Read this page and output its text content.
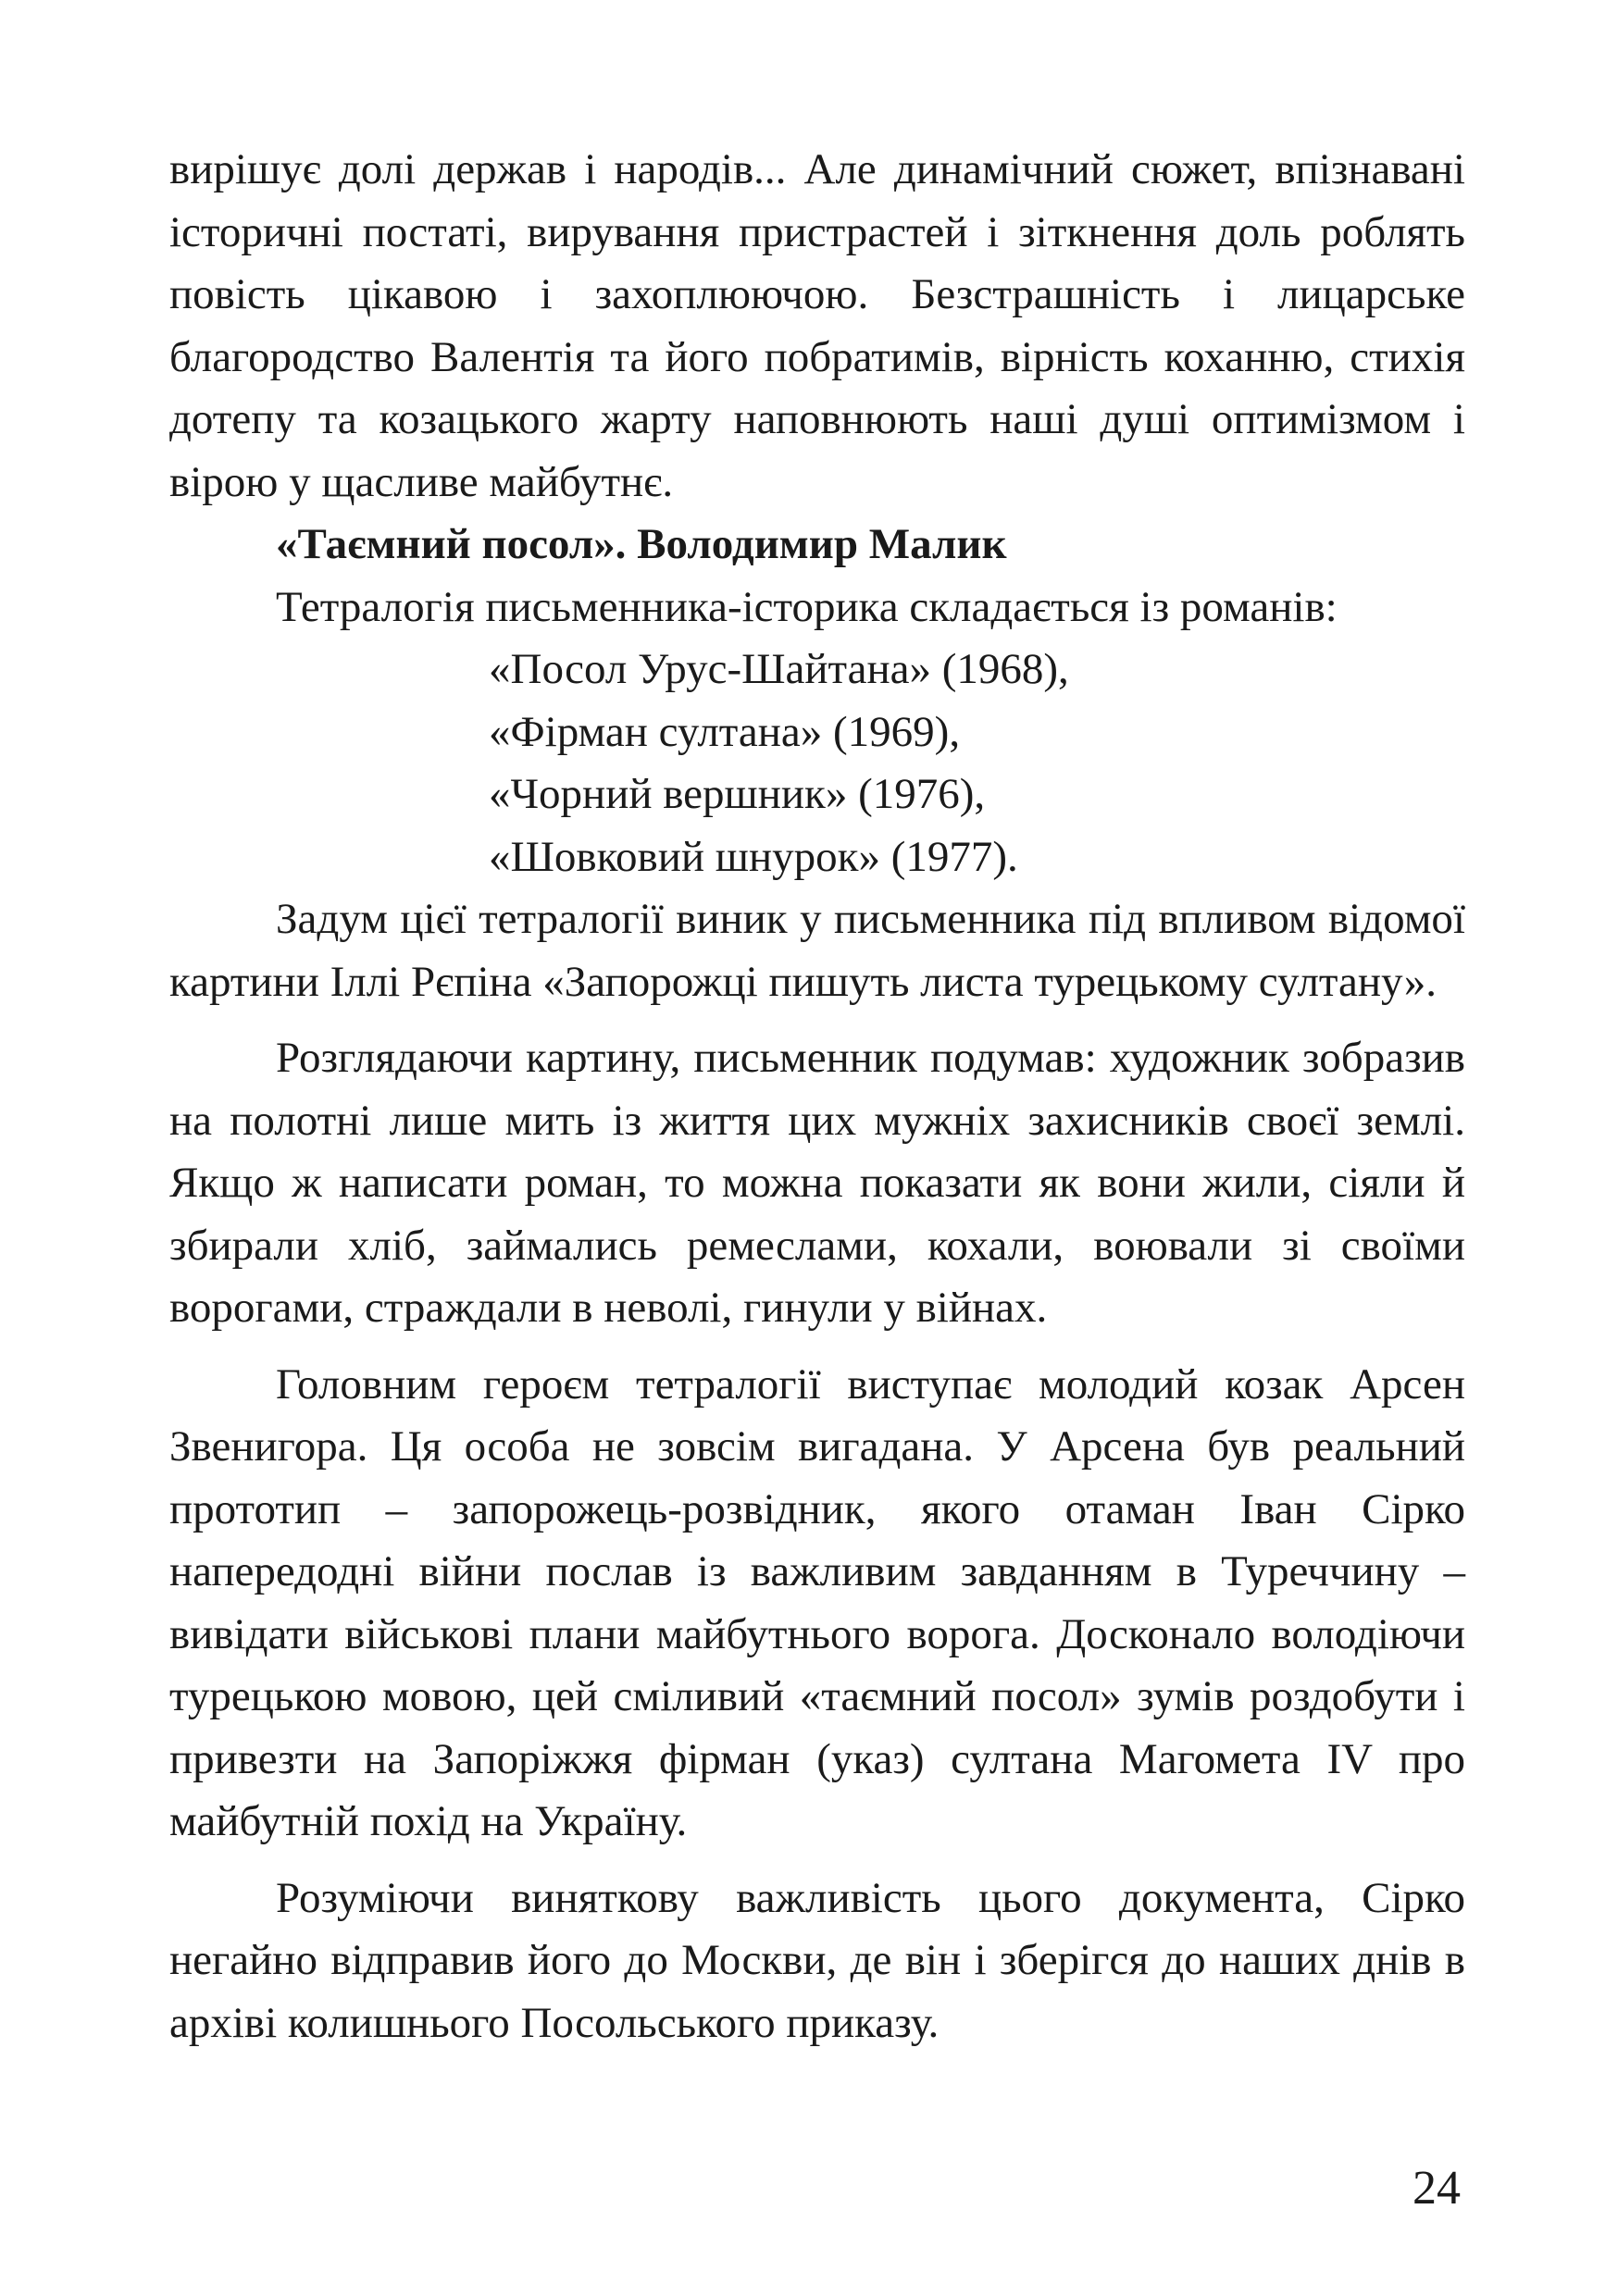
вирішує долі держав і народів... Але динамічний сюжет, впізнавані історичні постаті, вирування пристрастей і зіткнення доль роблять повість цікавою і захоплюючою. Безстрашність і лицарське благородство Валентія та його побратимів, вірність коханню, стихія дотепу та козацького жарту наповнюють наші душі оптимізмом і вірою у щасливе майбутнє.

«Таємний посол». Володимир Малик

Тетралогія письменника-історика складається із романів:

«Посол Урус-Шайтана» (1968),
«Фірман султана» (1969),
«Чорний вершник» (1976),
«Шовковий шнурок» (1977).

Задум цієї тетралогії виник у письменника під впливом відомої картини Іллі Рєпіна «Запорожці пишуть листа турецькому султану».

Розглядаючи картину, письменник подумав: художник зобразив на полотні лише мить із життя цих мужніх захисників своєї землі. Якщо ж написати роман, то можна показати як вони жили, сіяли й збирали хліб, займались ремеслами, кохали, воювали зі своїми ворогами, страждали в неволі, гинули у війнах.

Головним героєм тетралогії виступає молодий козак Арсен Звенигора. Ця особа не зовсім вигадана. У Арсена був реальний прототип – запорожець-розвідник, якого отаман Іван Сірко напередодні війни послав із важливим завданням в Туреччину – вивідати військові плани майбутнього ворога. Досконало володіючи турецькою мовою, цей сміливий «таємний посол» зумів роздобути і привезти на Запоріжжя фірман (указ) султана Магомета IV про майбутній похід на Україну.

Розуміючи виняткову важливість цього документа, Сірко негайно відправив його до Москви, де він і зберігся до наших днів в архіві колишнього Посольського приказу.

24
